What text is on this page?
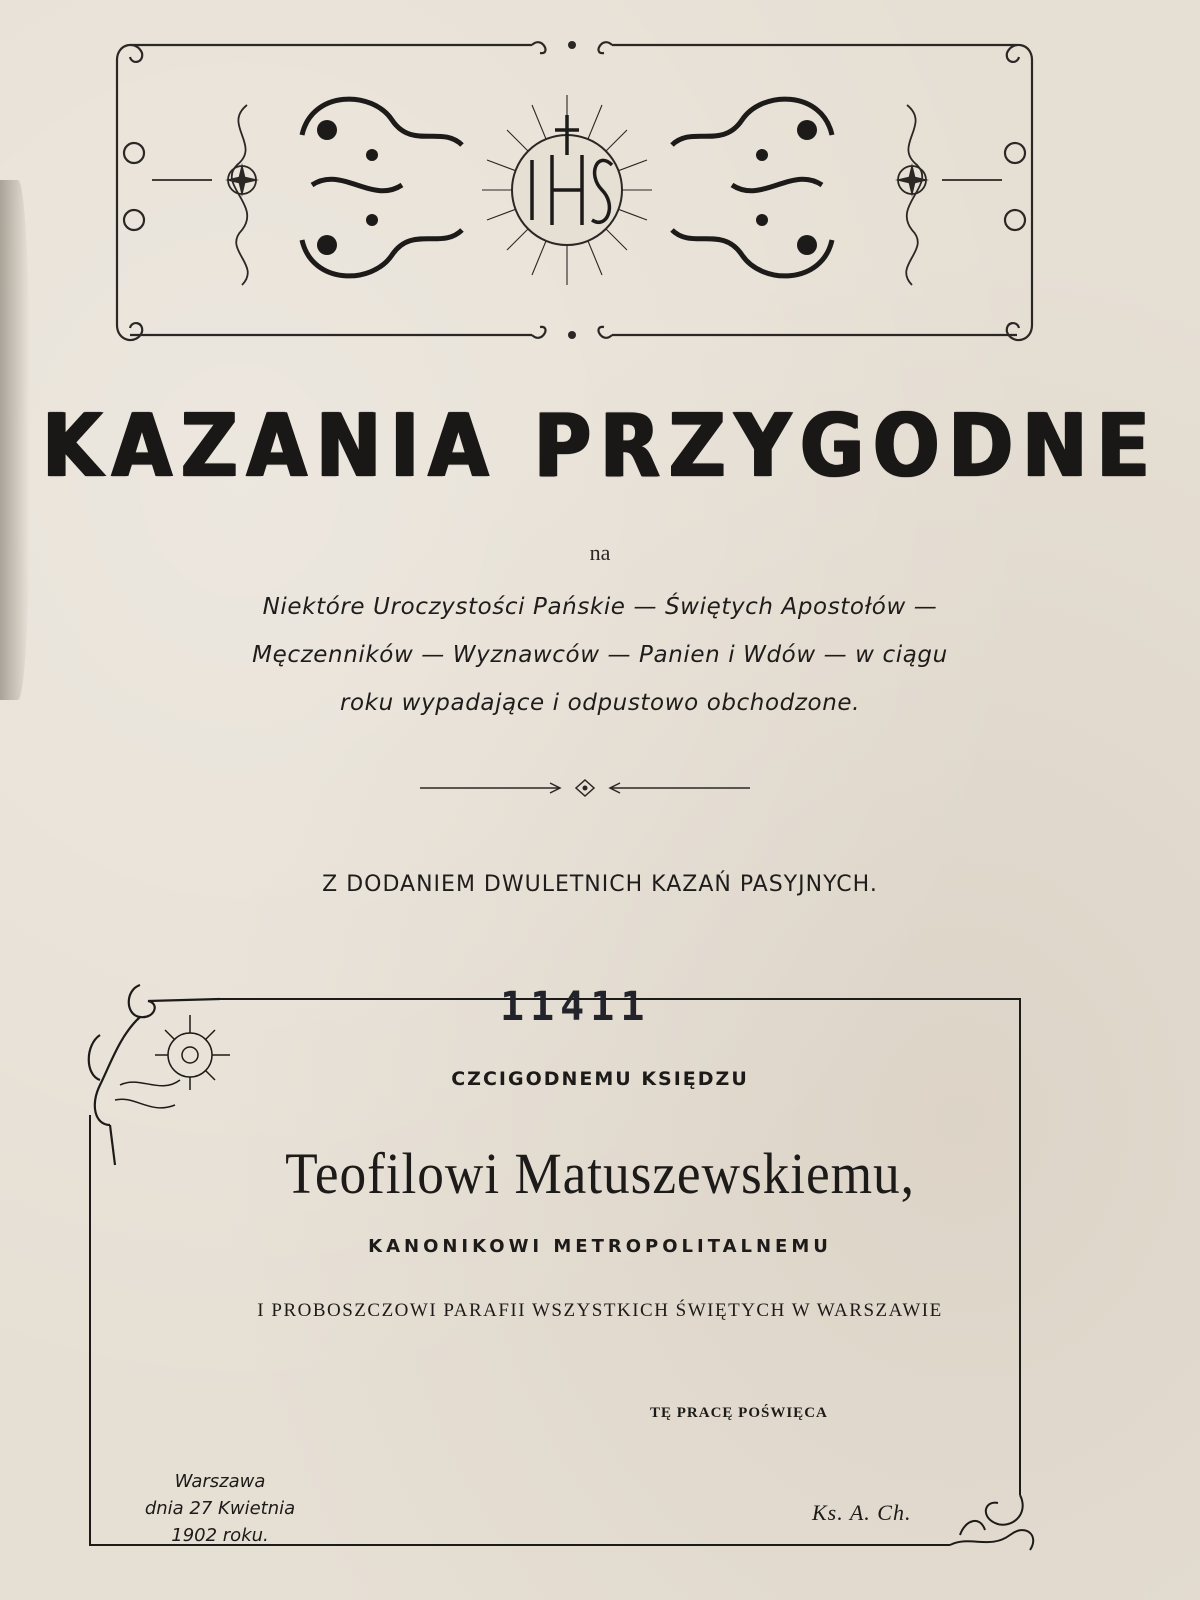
KAZANIA PRZYGODNE
na
Niektóre Uroczystości Pańskie — Świętych Apostołów —
Męczenników — Wyznawców — Panien i Wdów — w ciągu
roku wypadające i odpustowo obchodzone.
Z DODANIEM DWULETNICH KAZAŃ PASYJNYCH.
11411
CZCIGODNEMU KSIĘDZU
Teofilowi Matuszewskiemu,
KANONIKOWI METROPOLITALNEMU
I PROBOSZCZOWI PARAFII WSZYSTKICH ŚWIĘTYCH W WARSZAWIE
TĘ PRACĘ POŚWIĘCA
Warszawa
dnia 27 Kwietnia
1902 roku.
Ks. A. Ch.
